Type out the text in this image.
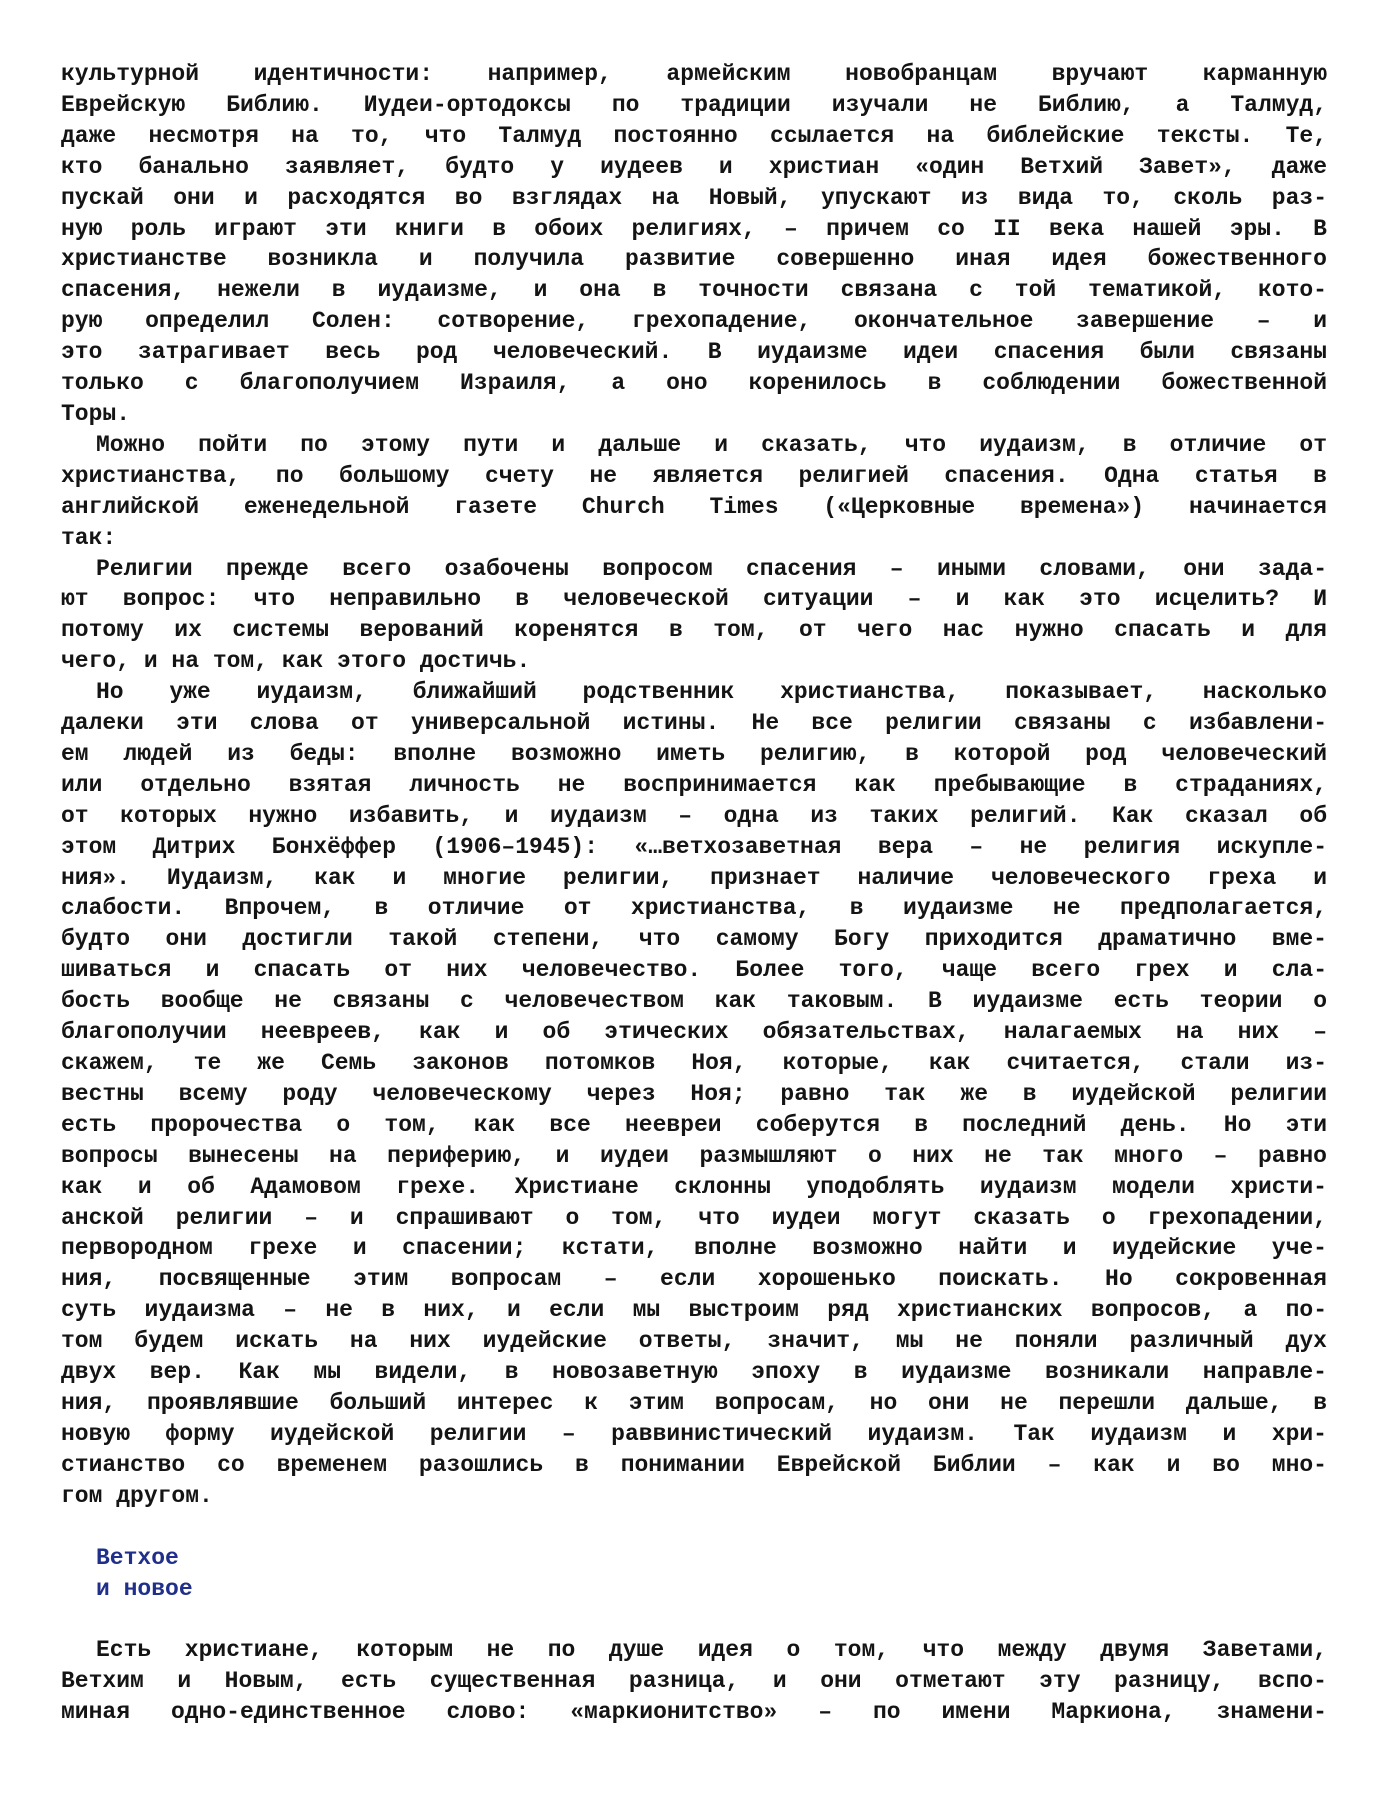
культурной идентичности: например, армейским новобранцам вручают карманную

Еврейскую Библию. Иудеи-ортодоксы по традиции изучали не Библию, а Талмуд,

даже несмотря на то, что Талмуд постоянно ссылается на библейские тексты. Те,

кто банально заявляет, будто у иудеев и христиан «один Ветхий Завет», даже

пускай они и расходятся во взглядах на Новый, упускают из вида то, сколь раз-

ную роль играют эти книги в обоих религиях, – причем со II века нашей эры. В

христианстве возникла и получила развитие совершенно иная идея божественного

спасения, нежели в иудаизме, и она в точности связана с той тематикой, кото-

рую определил Солен: сотворение, грехопадение, окончательное завершение – и

это затрагивает весь род человеческий. В иудаизме идеи спасения были связаны

только с благополучием Израиля, а оно коренилось в соблюдении божественной

Торы.

Можно пойти по этому пути и дальше и сказать, что иудаизм, в отличие от

христианства, по большому счету не является религией спасения. Одна статья в

английской еженедельной газете Church Times («Церковные времена») начинается

так:

Религии прежде всего озабочены вопросом спасения – иными словами, они зада-

ют вопрос: что неправильно в человеческой ситуации – и как это исцелить? И

потому их системы верований коренятся в том, от чего нас нужно спасать и для

чего, и на том, как этого достичь.

Но уже иудаизм, ближайший родственник христианства, показывает, насколько

далеки эти слова от универсальной истины. Не все религии связаны с избавлени-

ем людей из беды: вполне возможно иметь религию, в которой род человеческий

или отдельно взятая личность не воспринимается как пребывающие в страданиях,

от которых нужно избавить, и иудаизм – одна из таких религий. Как сказал об

этом Дитрих Бонхёффер (1906–1945): «…ветхозаветная вера – не религия искупле-

ния». Иудаизм, как и многие религии, признает наличие человеческого греха и

слабости. Впрочем, в отличие от христианства, в иудаизме не предполагается,

будто они достигли такой степени, что самому Богу приходится драматично вме-

шиваться и спасать от них человечество. Более того, чаще всего грех и сла-

бость вообще не связаны с человечеством как таковым. В иудаизме есть теории о

благополучии неевреев, как и об этических обязательствах, налагаемых на них –

скажем, те же Семь законов потомков Ноя, которые, как считается, стали из-

вестны всему роду человеческому через Ноя; равно так же в иудейской религии

есть пророчества о том, как все неевреи соберутся в последний день. Но эти

вопросы вынесены на периферию, и иудеи размышляют о них не так много – равно

как и об Адамовом грехе. Христиане склонны уподоблять иудаизм модели христи-

анской религии – и спрашивают о том, что иудеи могут сказать о грехопадении,

первородном грехе и спасении; кстати, вполне возможно найти и иудейские уче-

ния, посвященные этим вопросам – если хорошенько поискать. Но сокровенная

суть иудаизма – не в них, и если мы выстроим ряд христианских вопросов, а по-

том будем искать на них иудейские ответы, значит, мы не поняли различный дух

двух вер. Как мы видели, в новозаветную эпоху в иудаизме возникали направле-

ния, проявлявшие больший интерес к этим вопросам, но они не перешли дальше, в

новую форму иудейской религии – раввинистический иудаизм. Так иудаизм и хри-

стианство со временем разошлись в понимании Еврейской Библии – как и во мно-

гом другом.

Ветхое

и новое

Есть христиане, которым не по душе идея о том, что между двумя Заветами,

Ветхим и Новым, есть существенная разница, и они отметают эту разницу, вспо-

миная одно-единственное слово: «маркионитство» – по имени Маркиона, знамени-
